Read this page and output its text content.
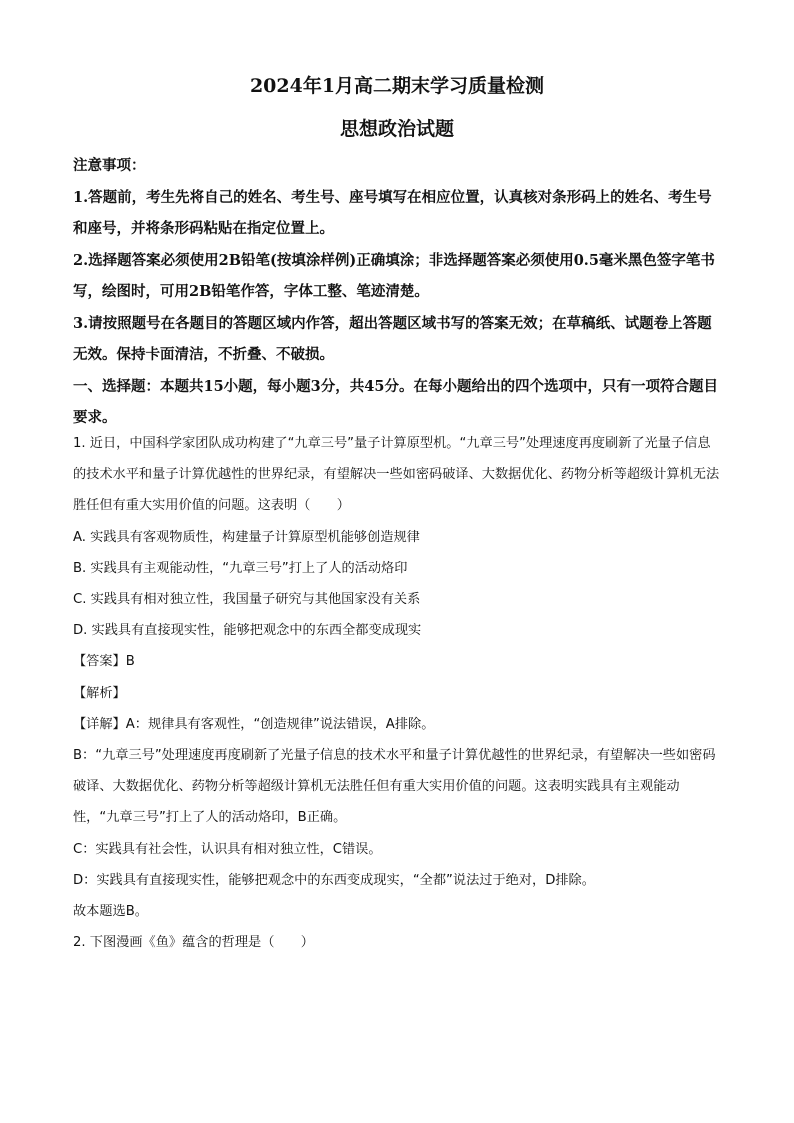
2024年1月高二期末学习质量检测
思想政治试题

注意事项：

1.答题前，考生先将自己的姓名、考生号、座号填写在相应位置，认真核对条形码上的姓名、考生号和座号，并将条形码粘贴在指定位置上。

2.选择题答案必须使用2B铅笔(按填涂样例)正确填涂；非选择题答案必须使用0.5毫米黑色签字笔书写，绘图时，可用2B铅笔作答，字体工整、笔迹清楚。

3.请按照题号在各题目的答题区域内作答，超出答题区域书写的答案无效；在草稿纸、试题卷上答题无效。保持卡面清洁，不折叠、不破损。

一、选择题：本题共15小题，每小题3分，共45分。在每小题给出的四个选项中，只有一项符合题目要求。

1. 近日，中国科学家团队成功构建了“九章三号”量子计算原型机。“九章三号”处理速度再度刷新了光量子信息的技术水平和量子计算优越性的世界纪录，有望解决一些如密码破译、大数据优化、药物分析等超级计算机无法胜任但有重大实用价值的问题。这表明（　　）

A. 实践具有客观物质性，构建量子计算原型机能够创造规律

B. 实践具有主观能动性，“九章三号”打上了人的活动烙印

C. 实践具有相对独立性，我国量子研究与其他国家没有关系

D. 实践具有直接现实性，能够把观念中的东西全都变成现实

【答案】B

【解析】

【详解】A：规律具有客观性，“创造规律”说法错误，A排除。

B：“九章三号”处理速度再度刷新了光量子信息的技术水平和量子计算优越性的世界纪录，有望解决一些如密码破译、大数据优化、药物分析等超级计算机无法胜任但有重大实用价值的问题。这表明实践具有主观能动性，“九章三号”打上了人的活动烙印，B正确。

C：实践具有社会性，认识具有相对独立性，C错误。

D：实践具有直接现实性，能够把观念中的东西变成现实，“全都”说法过于绝对，D排除。

故本题选B。

2. 下图漫画《鱼》蕴含的哲理是（　　）
